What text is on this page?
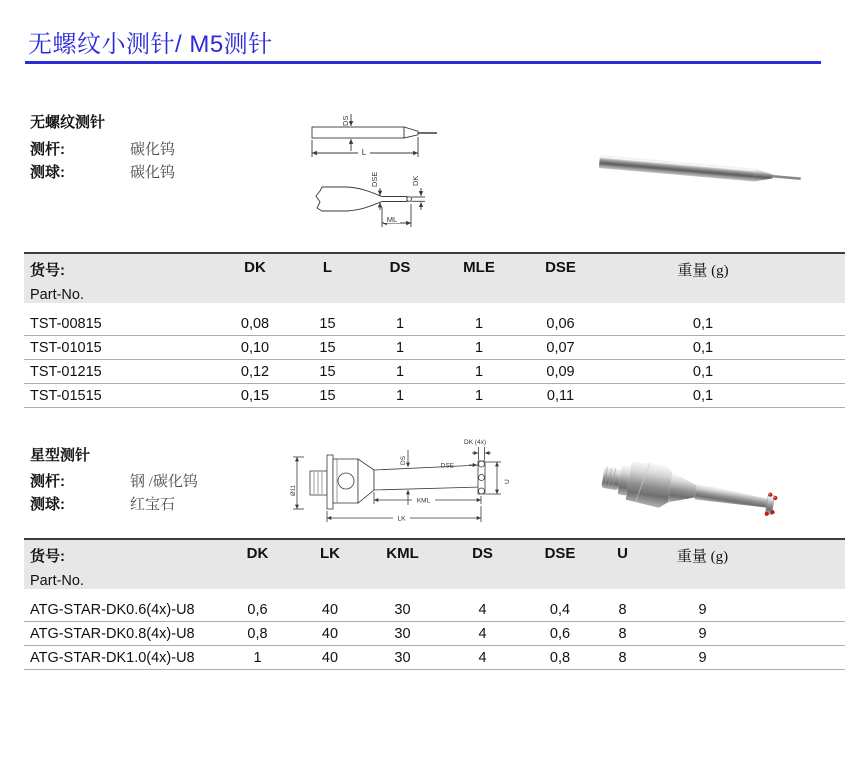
无螺纹小测针/ M5测针
无螺纹测针
测杆:	碳化钨
测球:	碳化钨
L
DS
DSE	DK
ML
货号:
Part-No.	DK	L	DS	MLE	DSE	重量 (g)	
TST-00815	0,08	15	1	1	0,06	0,1	
TST-01015	0,10	15	1	1	0,07	0,1	
TST-01215	0,12	15	1	1	0,09	0,1	
TST-01515	0,15	15	1	1	0,11	0,1	
星型测针
测杆:	钢 /碳化钨
测球:	红宝石
Ø11
DS
DK (4x)
DSE
U
KML
LK
货号:
Part-No.	DK	LK	KML	DS	DSE	U	重量 (g)	
ATG-STAR-DK0.6(4x)-U8	0,6	40	30	4	0,4	8	9	
ATG-STAR-DK0.8(4x)-U8	0,8	40	30	4	0,6	8	9	
ATG-STAR-DK1.0(4x)-U8	1	40	30	4	0,8	8	9	
